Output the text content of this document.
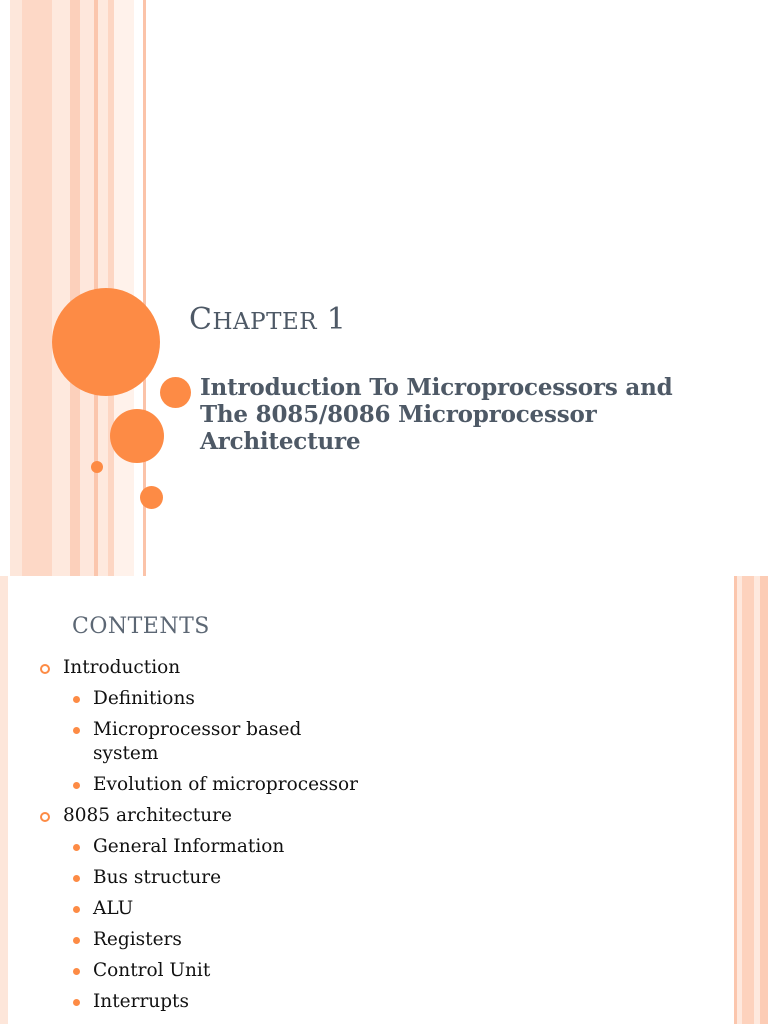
CHAPTER 1
Introduction To Microprocessors and
The 8085/8086 Microprocessor
Architecture
CONTENTS
Introduction
Definitions
Microprocessor based system
Evolution of microprocessor
8085 architecture
General Information
Bus structure
ALU
Registers
Control Unit
Interrupts
